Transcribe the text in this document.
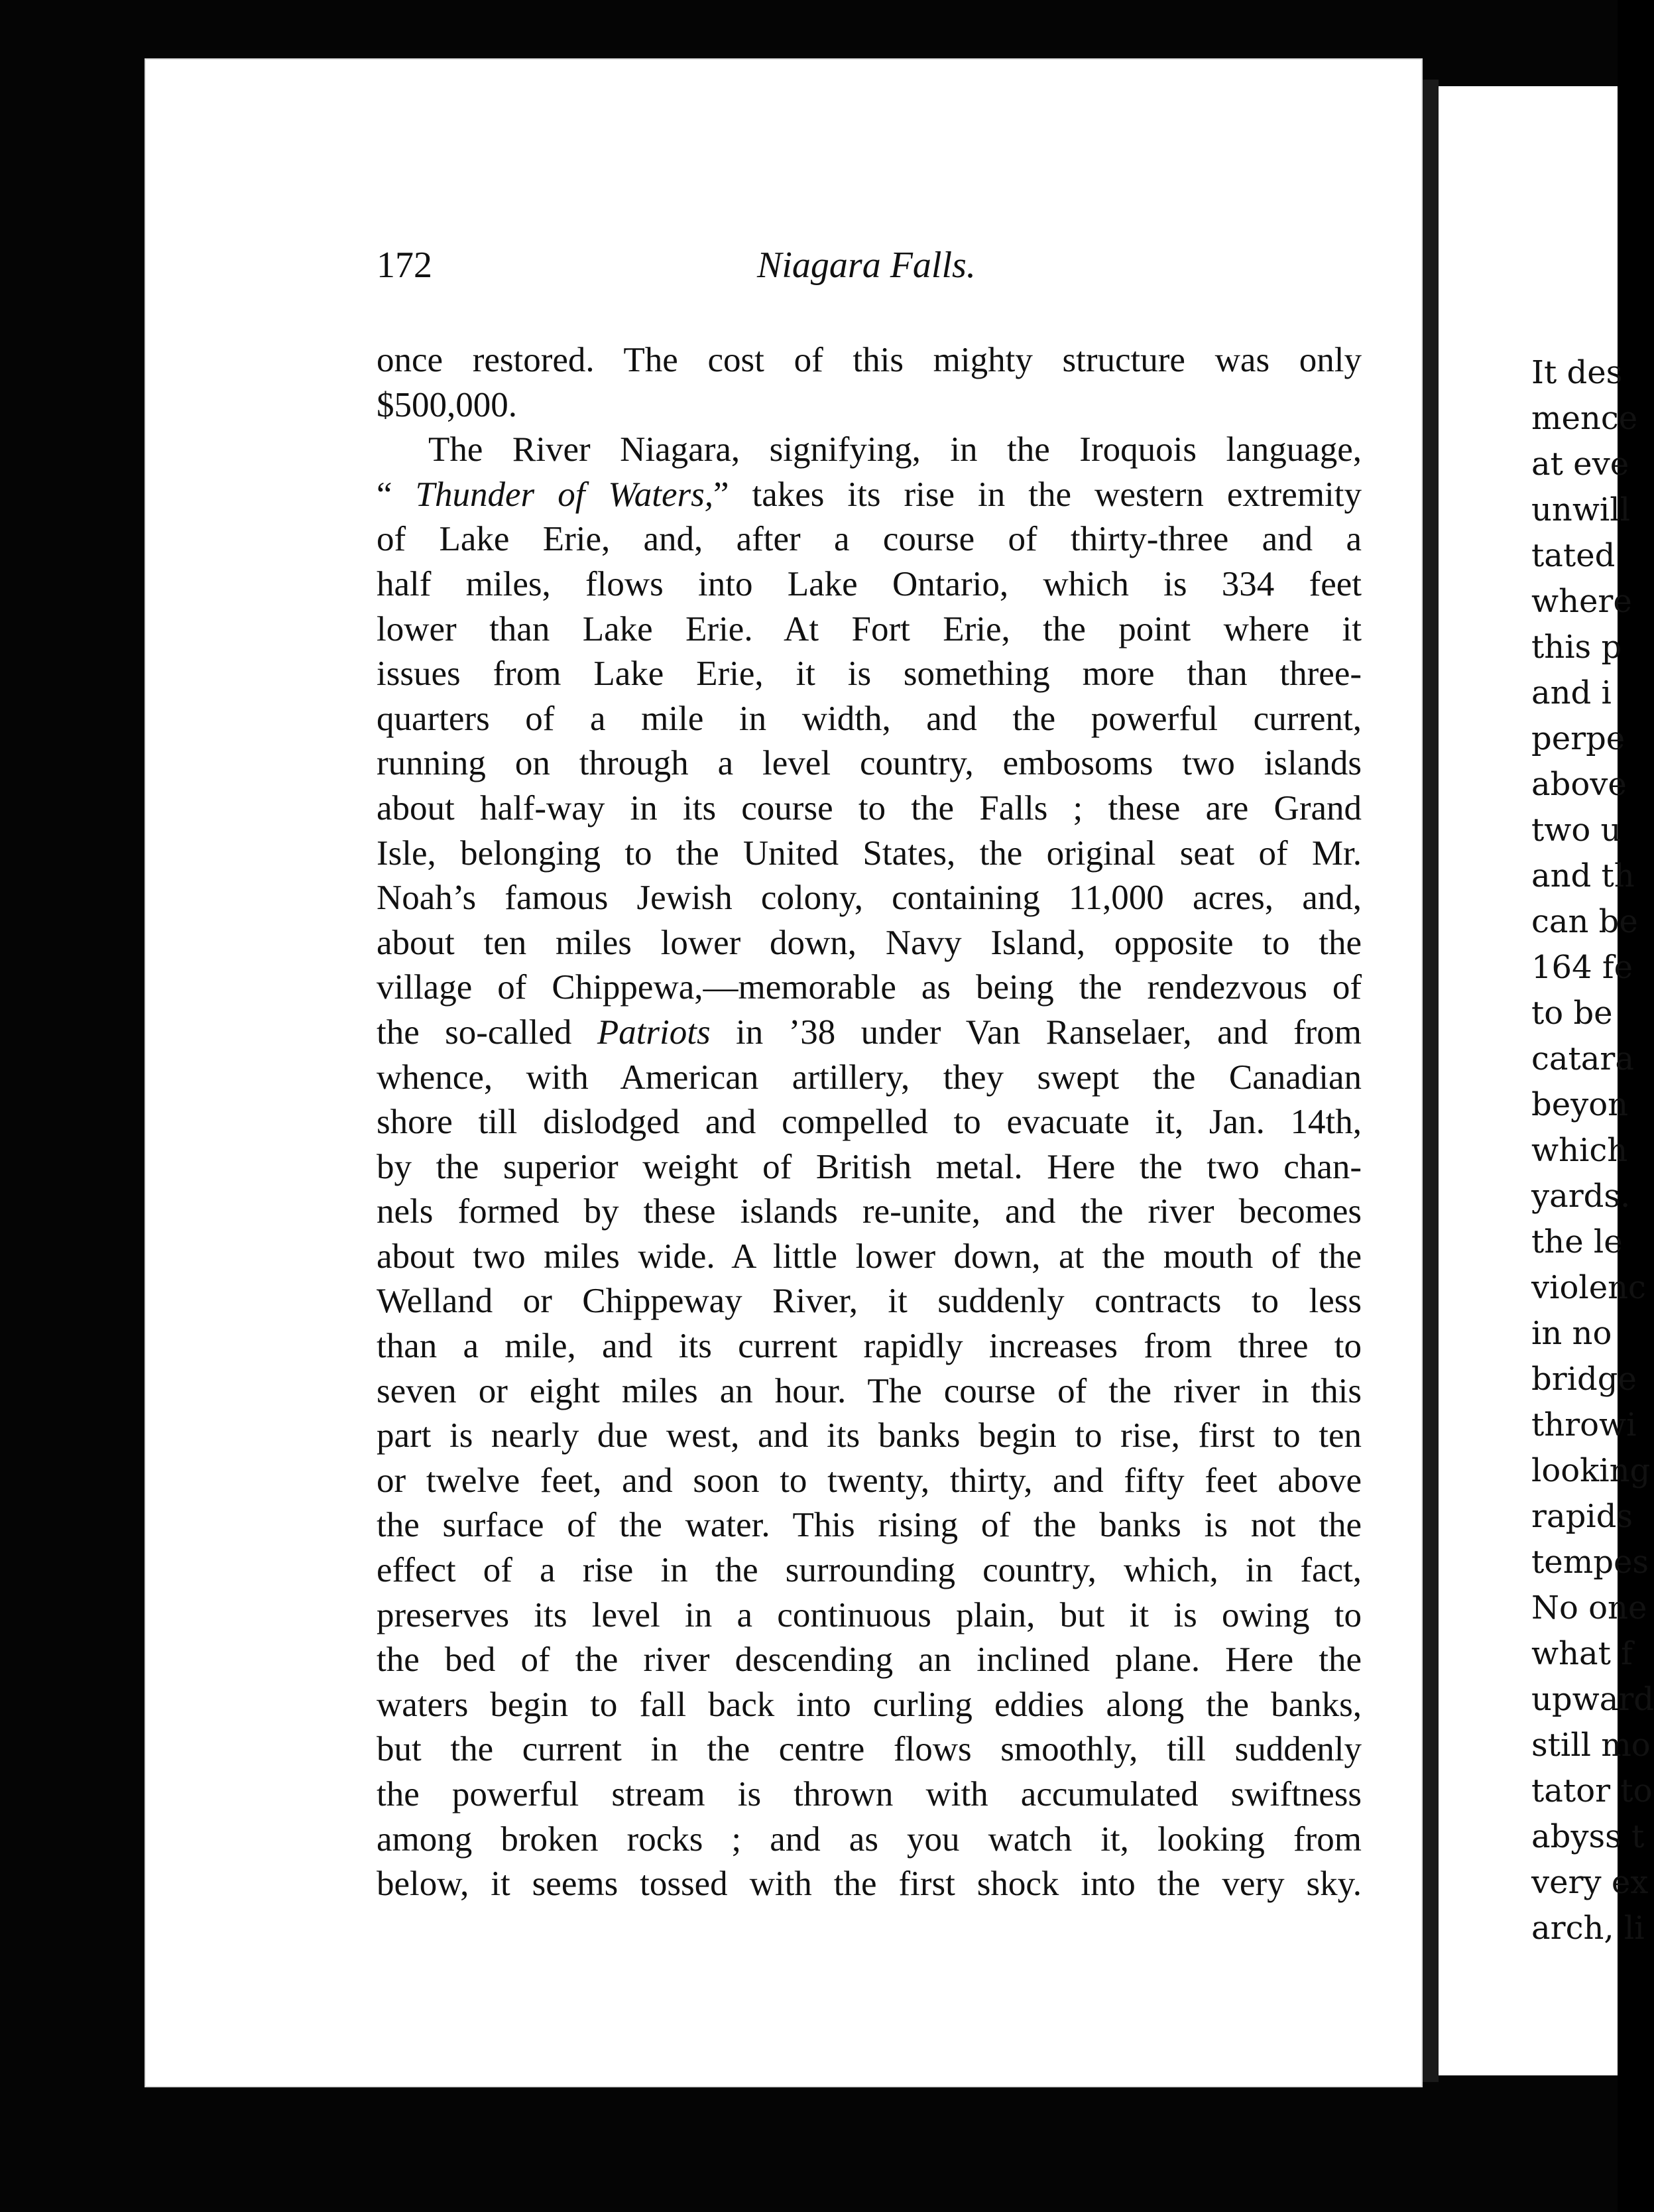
172	Niagara Falls.
once restored. The cost of this mighty structure was only
$500,000.
The River Niagara, signifying, in the Iroquois language,
“ Thunder of Waters,” takes its rise in the western extremity
of Lake Erie, and, after a course of thirty-three and a
half miles, flows into Lake Ontario, which is 334 feet
lower than Lake Erie. At Fort Erie, the point where it
issues from Lake Erie, it is something more than three-
quarters of a mile in width, and the powerful current,
running on through a level country, embosoms two islands
about half-way in its course to the Falls ; these are Grand
Isle, belonging to the United States, the original seat of Mr.
Noah’s famous Jewish colony, containing 11,000 acres, and,
about ten miles lower down, Navy Island, opposite to the
village of Chippewa,—memorable as being the rendezvous of
the so-called Patriots in ’38 under Van Ranselaer, and from
whence, with American artillery, they swept the Canadian
shore till dislodged and compelled to evacuate it, Jan. 14th,
by the superior weight of British metal. Here the two chan-
nels formed by these islands re-unite, and the river becomes
about two miles wide. A little lower down, at the mouth of the
Welland or Chippeway River, it suddenly contracts to less
than a mile, and its current rapidly increases from three to
seven or eight miles an hour. The course of the river in this
part is nearly due west, and its banks begin to rise, first to ten
or twelve feet, and soon to twenty, thirty, and fifty feet above
the surface of the water. This rising of the banks is not the
effect of a rise in the surrounding country, which, in fact,
preserves its level in a continuous plain, but it is owing to
the bed of the river descending an inclined plane. Here the
waters begin to fall back into curling eddies along the banks,
but the current in the centre flows smoothly, till suddenly
the powerful stream is thrown with accumulated swiftness
among broken rocks ; and as you watch it, looking from
below, it seems tossed with the first shock into the very sky.
It des
mence
at eve
unwill
tated
where
this p
and i
perpe
above
two u
and th
can be
164 fe
to be
catara
beyon
which
yards.
the le
violenc
in no
bridge
throwi
looking
rapids
tempes
No one
what f
upward
still mo
tator to
abyss t
very ex
arch, li
